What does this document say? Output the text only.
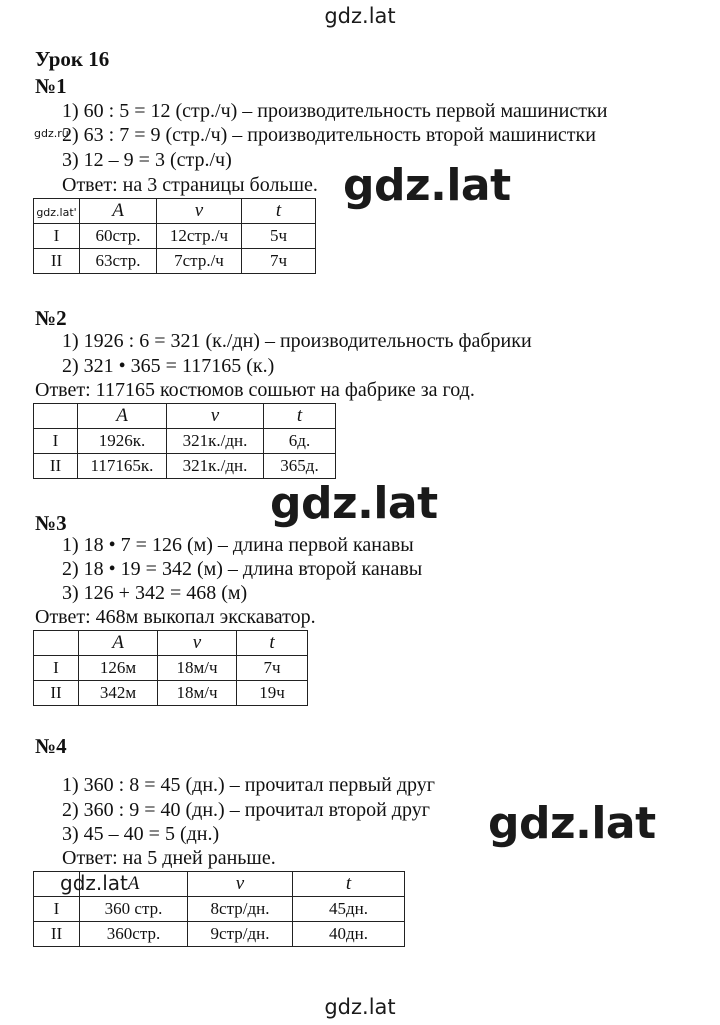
gdz.lat
gdz.lat
gdz.lat
gdz.lat
gdz.lat
gdz.ru
Урок 16
№1
1) 60 : 5 = 12 (стр./ч) – производительность первой машинистки
2) 63 : 7 = 9 (стр./ч) – производительность второй машинистки
3) 12 – 9 = 3 (стр./ч)
Ответ: на 3 страницы больше.
gdz.lat'	A	v	t
I	60стр.	12стр./ч	5ч
II	63стр.	7стр./ч	7ч
№2
1) 1926 : 6 = 321 (к./дн) – производительность фабрики
2) 321 • 365 = 117165 (к.)
Ответ: 117165 костюмов сошьют на фабрике за год.
	A	v	t
I	1926к.	321к./дн.	6д.
II	117165к.	321к./дн.	365д.
№3
1) 18 • 7 = 126 (м) – длина первой канавы
2) 18 • 19 = 342 (м) – длина второй канавы
3) 126 + 342 = 468 (м)
Ответ: 468м выкопал экскаватор.
	A	v	t
I	126м	18м/ч	7ч
II	342м	18м/ч	19ч
№4
1) 360 : 8 = 45 (дн.) – прочитал первый друг
2) 360 : 9 = 40 (дн.) – прочитал второй друг
3) 45 – 40 = 5 (дн.)
Ответ: на 5 дней раньше.
	A	v	t
I	360 стр.	8стр/дн.	45дн.
II	360стр.	9стр/дн.	40дн.
gdz.lat
